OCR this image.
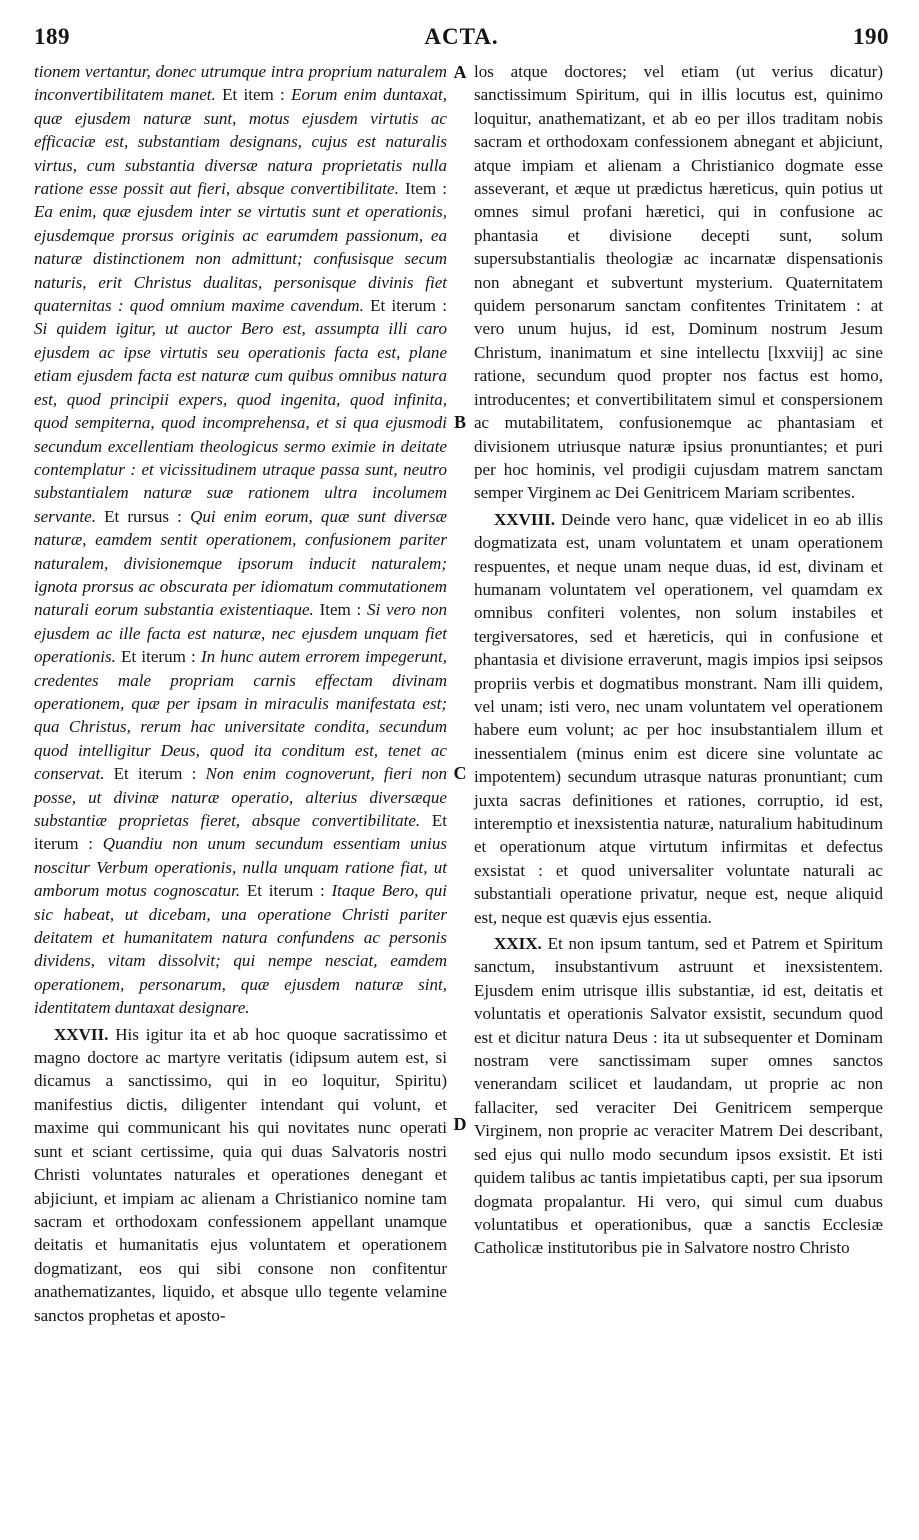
189	ACTA.	190
A
B
C
D

tionem vertantur, donec utrumque intra proprium naturalem inconvertibilitatem manet. Et item : Eorum enim duntaxat, quæ ejusdem naturæ sunt, motus ejusdem virtutis ac efficaciæ est, substantiam designans, cujus est naturalis virtus, cum substantia diversæ natura proprietatis nulla ratione esse possit aut fieri, absque convertibilitate. Item : Ea enim, quæ ejusdem inter se virtutis sunt et operationis, ejusdemque prorsus originis ac earumdem passionum, ea naturæ distinctionem non admittunt; confusisque secum naturis, erit Christus dualitas, personisque divinis fiet quaternitas : quod omnium maxime cavendum. Et iterum : Si quidem igitur, ut auctor Bero est, assumpta illi caro ejusdem ac ipse virtutis seu operationis facta est, plane etiam ejusdem facta est naturæ cum quibus omnibus natura est, quod principii expers, quod ingenita, quod infinita, quod sempiterna, quod incomprehensa, et si qua ejusmodi secundum excellentiam theologicus sermo eximie in deitate contemplatur : et vicissitudinem utraque passa sunt, neutro substantialem naturæ suæ rationem ultra incolumem servante. Et rursus : Qui enim eorum, quæ sunt diversæ naturæ, eamdem sentit operationem, confusionem pariter naturalem, divisionemque ipsorum inducit naturalem; ignota prorsus ac obscurata per idiomatum commutationem naturali eorum substantia existentiaque. Item : Si vero non ejusdem ac ille facta est naturæ, nec ejusdem unquam fiet operationis. Et iterum : In hunc autem errorem impegerunt, credentes male propriam carnis effectam divinam operationem, quæ per ipsam in miraculis manifestata est; qua Christus, rerum hac universitate condita, secundum quod intelligitur Deus, quod ita conditum est, tenet ac conservat. Et iterum : Non enim cognoverunt, fieri non posse, ut divinæ naturæ operatio, alterius diversæque substantiæ proprietas fieret, absque convertibilitate. Et iterum : Quandiu non unum secundum essentiam unius noscitur Verbum operationis, nulla unquam ratione fiat, ut amborum motus cognoscatur. Et iterum : Itaque Bero, qui sic habeat, ut dicebam, una operatione Christi pariter deitatem et humanitatem natura confundens ac personis dividens, vitam dissolvit; qui nempe nesciat, eamdem operationem, personarum, quæ ejusdem naturæ sint, identitatem duntaxat designare.

XXVII. His igitur ita et ab hoc quoque sacratissimo et magno doctore ac martyre veritatis (idipsum autem est, si dicamus a sanctissimo, qui in eo loquitur, Spiritu) manifestius dictis, diligenter intendant qui volunt, et maxime qui communicant his qui novitates nunc operati sunt et sciant certissime, quia qui duas Salvatoris nostri Christi voluntates naturales et operationes denegant et abjiciunt, et impiam ac alienam a Christianico nomine tam sacram et orthodoxam confessionem appellant unamque deitatis et humanitatis ejus voluntatem et operationem dogmatizant, eos qui sibi consone non confitentur anathematizantes, liquido, et absque ullo tegente velamine sanctos prophetas et aposto-

los atque doctores; vel etiam (ut verius dicatur) sanctissimum Spiritum, qui in illis locutus est, quinimo loquitur, anathematizant, et ab eo per illos traditam nobis sacram et orthodoxam confessionem abnegant et abjiciunt, atque impiam et alienam a Christianico dogmate esse asseverant, et æque ut prædictus hæreticus, quin potius ut omnes simul profani hæretici, qui in confusione ac phantasia et divisione decepti sunt, solum supersubstantialis theologiæ ac incarnatæ dispensationis non abnegant et subvertunt mysterium. Quaternitatem quidem personarum sanctam confitentes Trinitatem : at vero unum hujus, id est, Dominum nostrum Jesum Christum, inanimatum et sine intellectu [lxxviij] ac sine ratione, secundum quod propter nos factus est homo, introducentes; et convertibilitatem simul et conspersionem ac mutabilitatem, confusionemque ac phantasiam et divisionem utriusque naturæ ipsius pronuntiantes; et puri per hoc hominis, vel prodigii cujusdam matrem sanctam semper Virginem ac Dei Genitricem Mariam scribentes.

XXVIII. Deinde vero hanc, quæ videlicet in eo ab illis dogmatizata est, unam voluntatem et unam operationem respuentes, et neque unam neque duas, id est, divinam et humanam voluntatem vel operationem, vel quamdam ex omnibus confiteri volentes, non solum instabiles et tergiversatores, sed et hæreticis, qui in confusione et phantasia et divisione erraverunt, magis impios ipsi seipsos propriis verbis et dogmatibus monstrant. Nam illi quidem, vel unam; isti vero, nec unam voluntatem vel operationem habere eum volunt; ac per hoc insubstantialem illum et inessentialem (minus enim est dicere sine voluntate ac impotentem) secundum utrasque naturas pronuntiant; cum juxta sacras definitiones et rationes, corruptio, id est, interemptio et inexsistentia naturæ, naturalium habitudinum et operationum atque virtutum infirmitas et defectus exsistat : et quod universaliter voluntate naturali ac substantiali operatione privatur, neque est, neque aliquid est, neque est quævis ejus essentia.

XXIX. Et non ipsum tantum, sed et Patrem et Spiritum sanctum, insubstantivum astruunt et inexsistentem. Ejusdem enim utrisque illis substantiæ, id est, deitatis et voluntatis et operationis Salvator exsistit, secundum quod est et dicitur natura Deus : ita ut subsequenter et Dominam nostram vere sanctissimam super omnes sanctos venerandam scilicet et laudandam, ut proprie ac non fallaciter, sed veraciter Dei Genitricem semperque Virginem, non proprie ac veraciter Matrem Dei describant, sed ejus qui nullo modo secundum ipsos exsistit. Et isti quidem talibus ac tantis impietatibus capti, per sua ipsorum dogmata propalantur. Hi vero, qui simul cum duabus voluntatibus et operationibus, quæ a sanctis Ecclesiæ Catholicæ institutoribus pie in Salvatore nostro Christo
